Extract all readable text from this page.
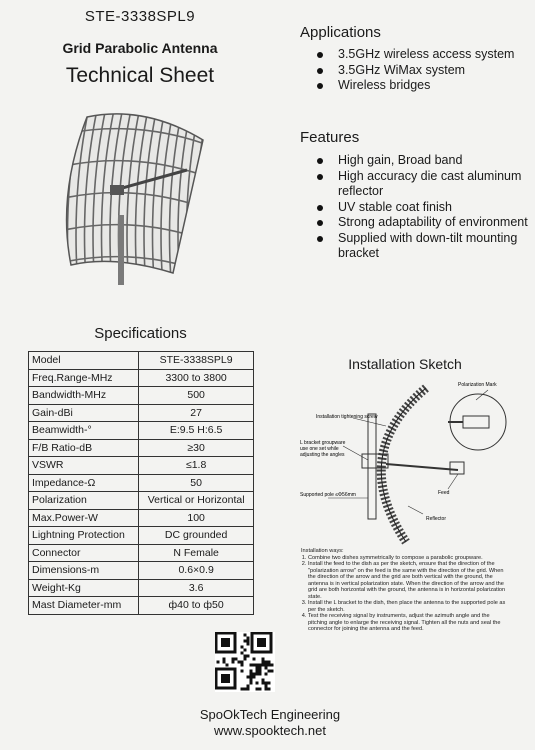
STE-3338SPL9
Grid Parabolic Antenna
Technical Sheet
Applications
3.5GHz wireless access system
3.5GHz WiMax system
Wireless bridges
Features
High gain, Broad band
High accuracy die cast aluminum reflector
UV stable coat finish
Strong adaptability of environment
Supplied with down-tilt mounting bracket
Specifications
Model	STE-3338SPL9
Freq.Range-MHz	3300 to 3800
Bandwidth-MHz	500
Gain-dBi	27
Beamwidth-°	E:9.5 H:6.5
F/B Ratio-dB	≥30
VSWR	≤1.8
Impedance-Ω	50
Polarization	Vertical or Horizontal
Max.Power-W	100
Lightning Protection	DC grounded
Connector	N Female
Dimensions-m	0.6×0.9
Weight-Kg	3.6
Mast Diameter-mm	ф40 to ф50
Installation Sketch
Polarization Mark
Installation tightening screw
L bracket groupware use one set while adjusting the angles
Supported pole ≤Φ56mm	Feed
Reflector
Installation ways:
1. Combine two dishes symmetrically to compose a parabolic groupware.
2. Install the feed to the dish as per the sketch, ensure that the direction of the "polarization arrow" on the feed is the same with the direction of the grid. When the direction of the arrow and the grid are both vertical with the ground, the antenna is in vertical polarization state. When the direction of the arrow and the grid are both horizontal with the ground, the antenna is in horizontal polarization state.
3. Install the L bracket to the dish, then place the antenna to the supported pole as per the sketch.
4. Test the receiving signal by instruments, adjust the azimuth angle and the pitching angle to enlarge the receiving signal. Tighten all the nuts and seal the connector for joining the antenna and the feed.
SpoOkTech Engineering
www.spooktech.net
